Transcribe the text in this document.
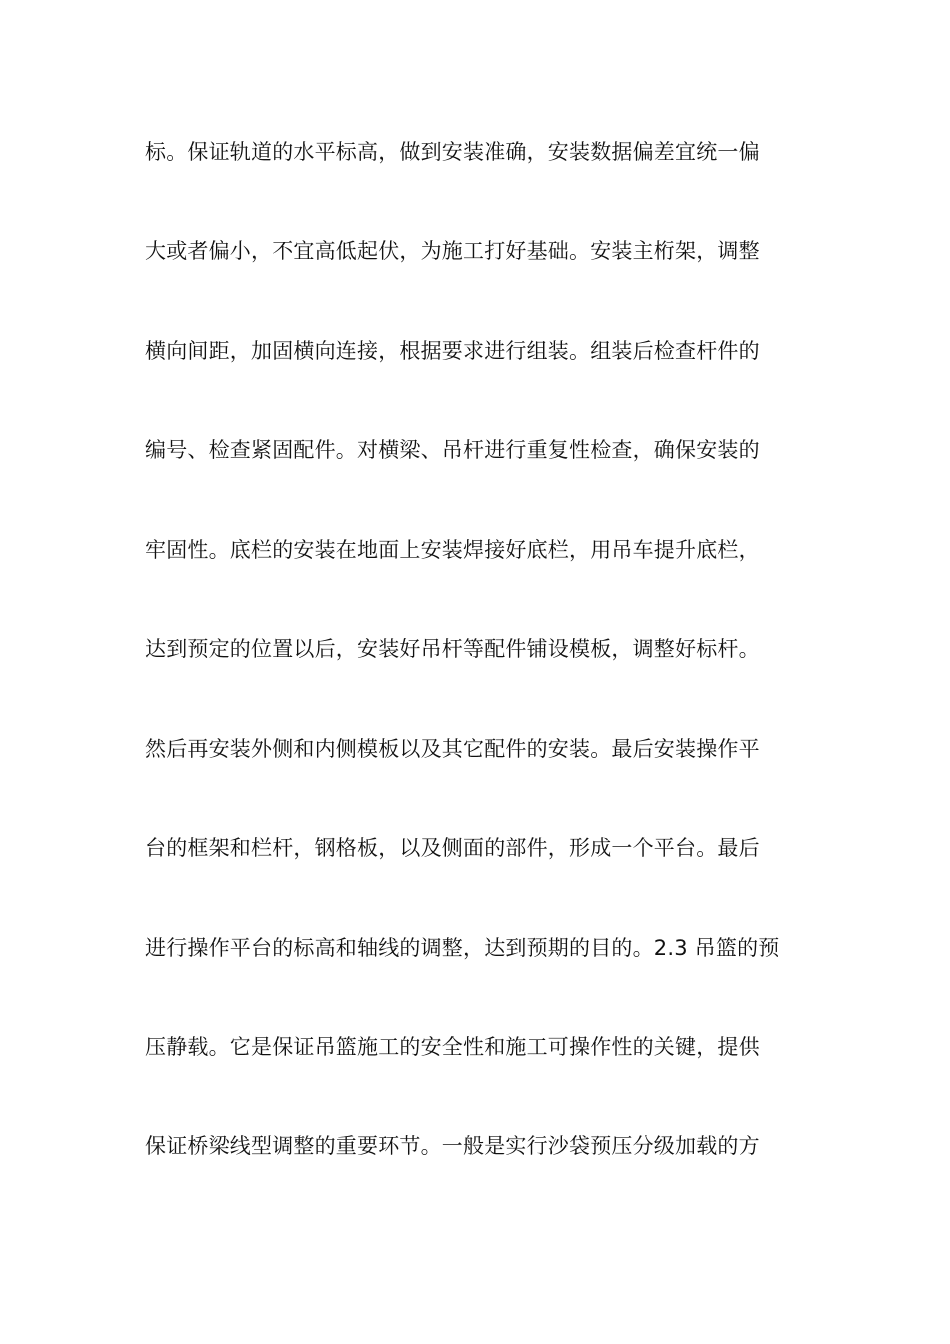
标。保证轨道的水平标高，做到安装准确，安装数据偏差宜统一偏
大或者偏小，不宜高低起伏，为施工打好基础。安装主桁架，调整
横向间距，加固横向连接，根据要求进行组装。组装后检查杆件的
编号、检查紧固配件。对横梁、吊杆进行重复性检查，确保安装的
牢固性。底栏的安装在地面上安装焊接好底栏，用吊车提升底栏，
达到预定的位置以后，安装好吊杆等配件铺设模板，调整好标杆。
然后再安装外侧和内侧模板以及其它配件的安装。最后安装操作平
台的框架和栏杆，钢格板，以及侧面的部件，形成一个平台。最后
进行操作平台的标高和轴线的调整，达到预期的目的。2.3 吊篮的预
压静载。它是保证吊篮施工的安全性和施工可操作性的关键，提供
保证桥梁线型调整的重要环节。一般是实行沙袋预压分级加载的方
